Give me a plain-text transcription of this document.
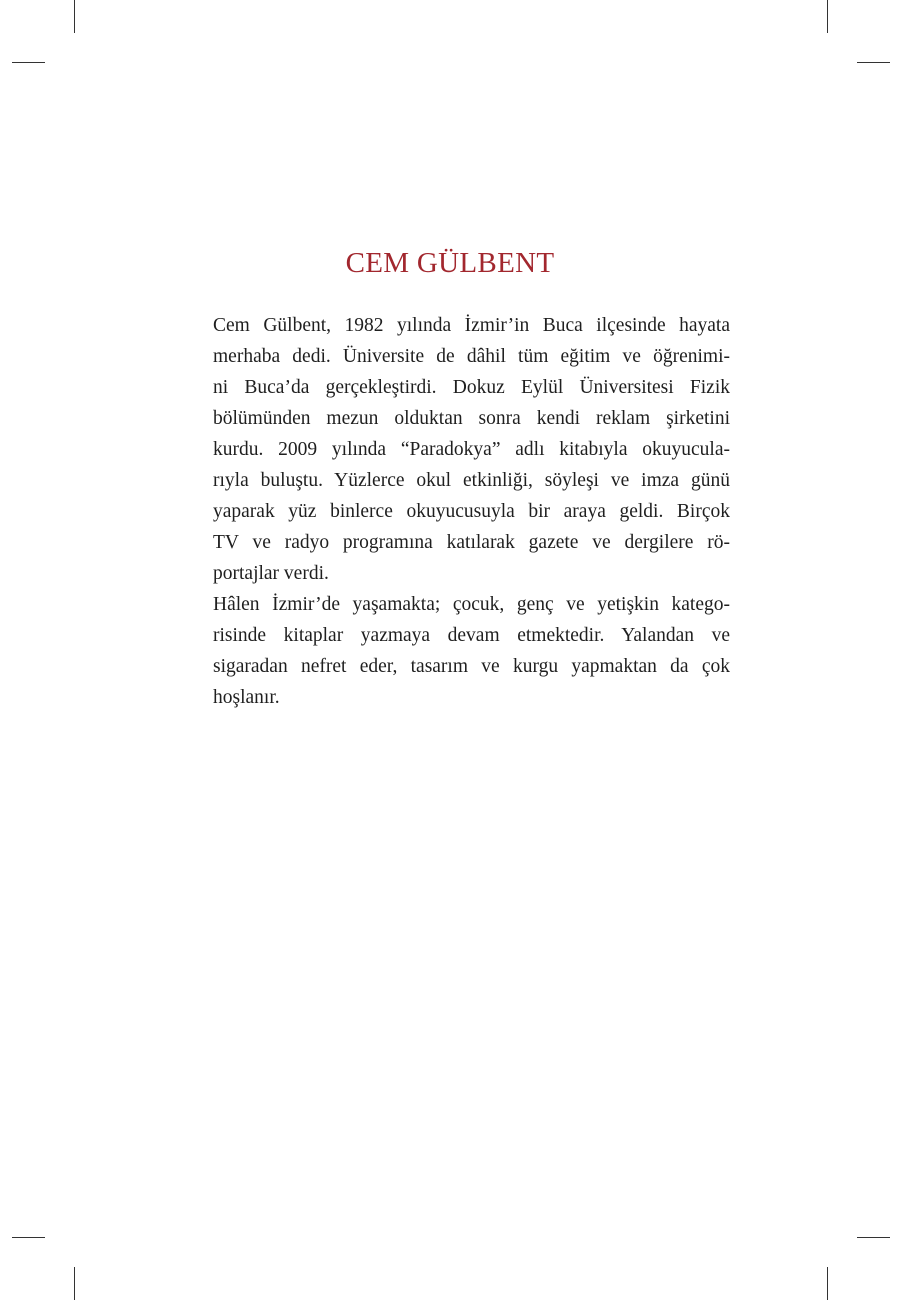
CEM GÜLBENT
Cem Gülbent, 1982 yılında İzmir’in Buca ilçesinde hayata
merhaba dedi. Üniversite de dâhil tüm eğitim ve öğrenimi-
ni Buca’da gerçekleştirdi. Dokuz Eylül Üniversitesi Fizik
bölümünden mezun olduktan sonra kendi reklam şirketini
kurdu. 2009 yılında “Paradokya” adlı kitabıyla okuyucula-
rıyla buluştu. Yüzlerce okul etkinliği, söyleşi ve imza günü
yaparak yüz binlerce okuyucusuyla bir araya geldi. Birçok
TV ve radyo programına katılarak gazete ve dergilere rö-
portajlar verdi.
Hâlen İzmir’de yaşamakta; çocuk, genç ve yetişkin katego-
risinde kitaplar yazmaya devam etmektedir. Yalandan ve
sigaradan nefret eder, tasarım ve kurgu yapmaktan da çok
hoşlanır.
